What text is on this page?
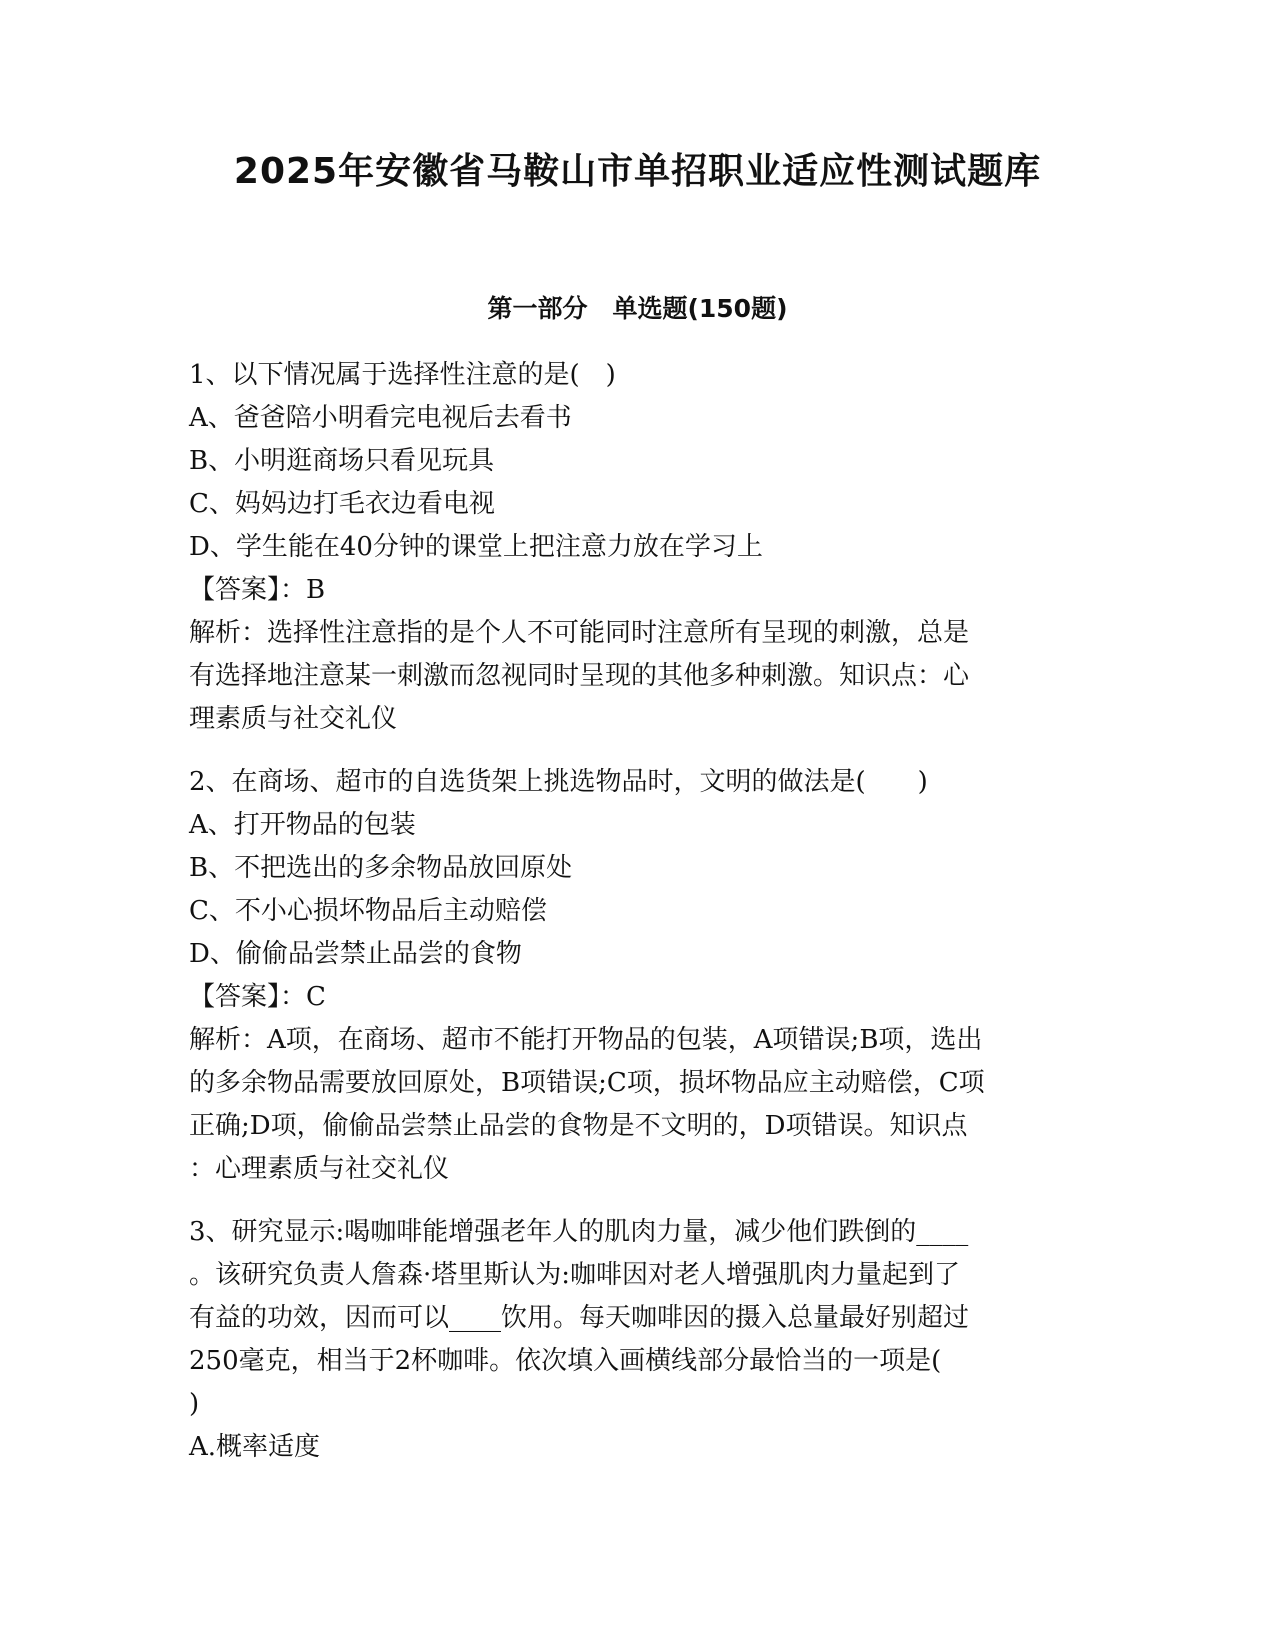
2025年安徽省马鞍山市单招职业适应性测试题库
第一部分　单选题(150题)
1、以下情况属于选择性注意的是(　)
A、爸爸陪小明看完电视后去看书
B、小明逛商场只看见玩具
C、妈妈边打毛衣边看电视
D、学生能在40分钟的课堂上把注意力放在学习上
【答案】：B
解析：选择性注意指的是个人不可能同时注意所有呈现的刺激，总是
有选择地注意某一刺激而忽视同时呈现的其他多种刺激。知识点：心
理素质与社交礼仪
2、在商场、超市的自选货架上挑选物品时，文明的做法是(　　)
A、打开物品的包装
B、不把选出的多余物品放回原处
C、不小心损坏物品后主动赔偿
D、偷偷品尝禁止品尝的食物
【答案】：C
解析：A项，在商场、超市不能打开物品的包装，A项错误;B项，选出
的多余物品需要放回原处，B项错误;C项，损坏物品应主动赔偿，C项
正确;D项，偷偷品尝禁止品尝的食物是不文明的，D项错误。知识点
：心理素质与社交礼仪
3、研究显示:喝咖啡能增强老年人的肌肉力量，减少他们跌倒的____
。该研究负责人詹森·塔里斯认为:咖啡因对老人增强肌肉力量起到了
有益的功效，因而可以____饮用。每天咖啡因的摄入总量最好别超过
250毫克，相当于2杯咖啡。依次填入画横线部分最恰当的一项是(
)
A.概率适度
